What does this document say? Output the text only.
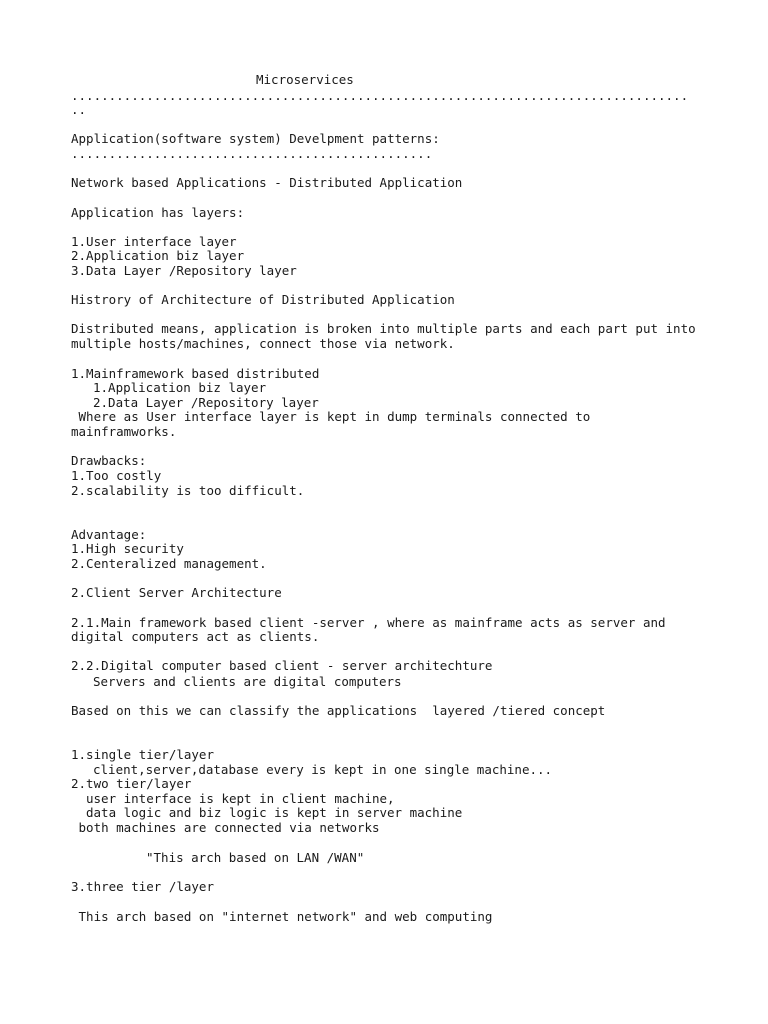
Microservices

..................................................................................

..

Application(software system) Develpment patterns:

................................................

Network based Applications - Distributed Application

Application has layers:

1.User interface layer

2.Application biz layer

3.Data Layer /Repository layer

Histrory of Architecture of Distributed Application

Distributed means, application is broken into multiple parts and each part put into

multiple hosts/machines, connect those via network.

1.Mainframework based distributed

1.Application biz layer

2.Data Layer /Repository layer

Where as User interface layer is kept in dump terminals connected to

mainframworks.

Drawbacks:

1.Too costly

2.scalability is too difficult.

Advantage:

1.High security

2.Centeralized management.

2.Client Server Architecture

2.1.Main framework based client -server , where as mainframe acts as server and

digital computers act as clients.

2.2.Digital computer based client - server architechture

Servers and clients are digital computers

Based on this we can classify the applications  layered /tiered concept

1.single tier/layer

client,server,database every is kept in one single machine...

2.two tier/layer

user interface is kept in client machine,

data logic and biz logic is kept in server machine

both machines are connected via networks

"This arch based on LAN /WAN"

3.three tier /layer

This arch based on "internet network" and web computing
